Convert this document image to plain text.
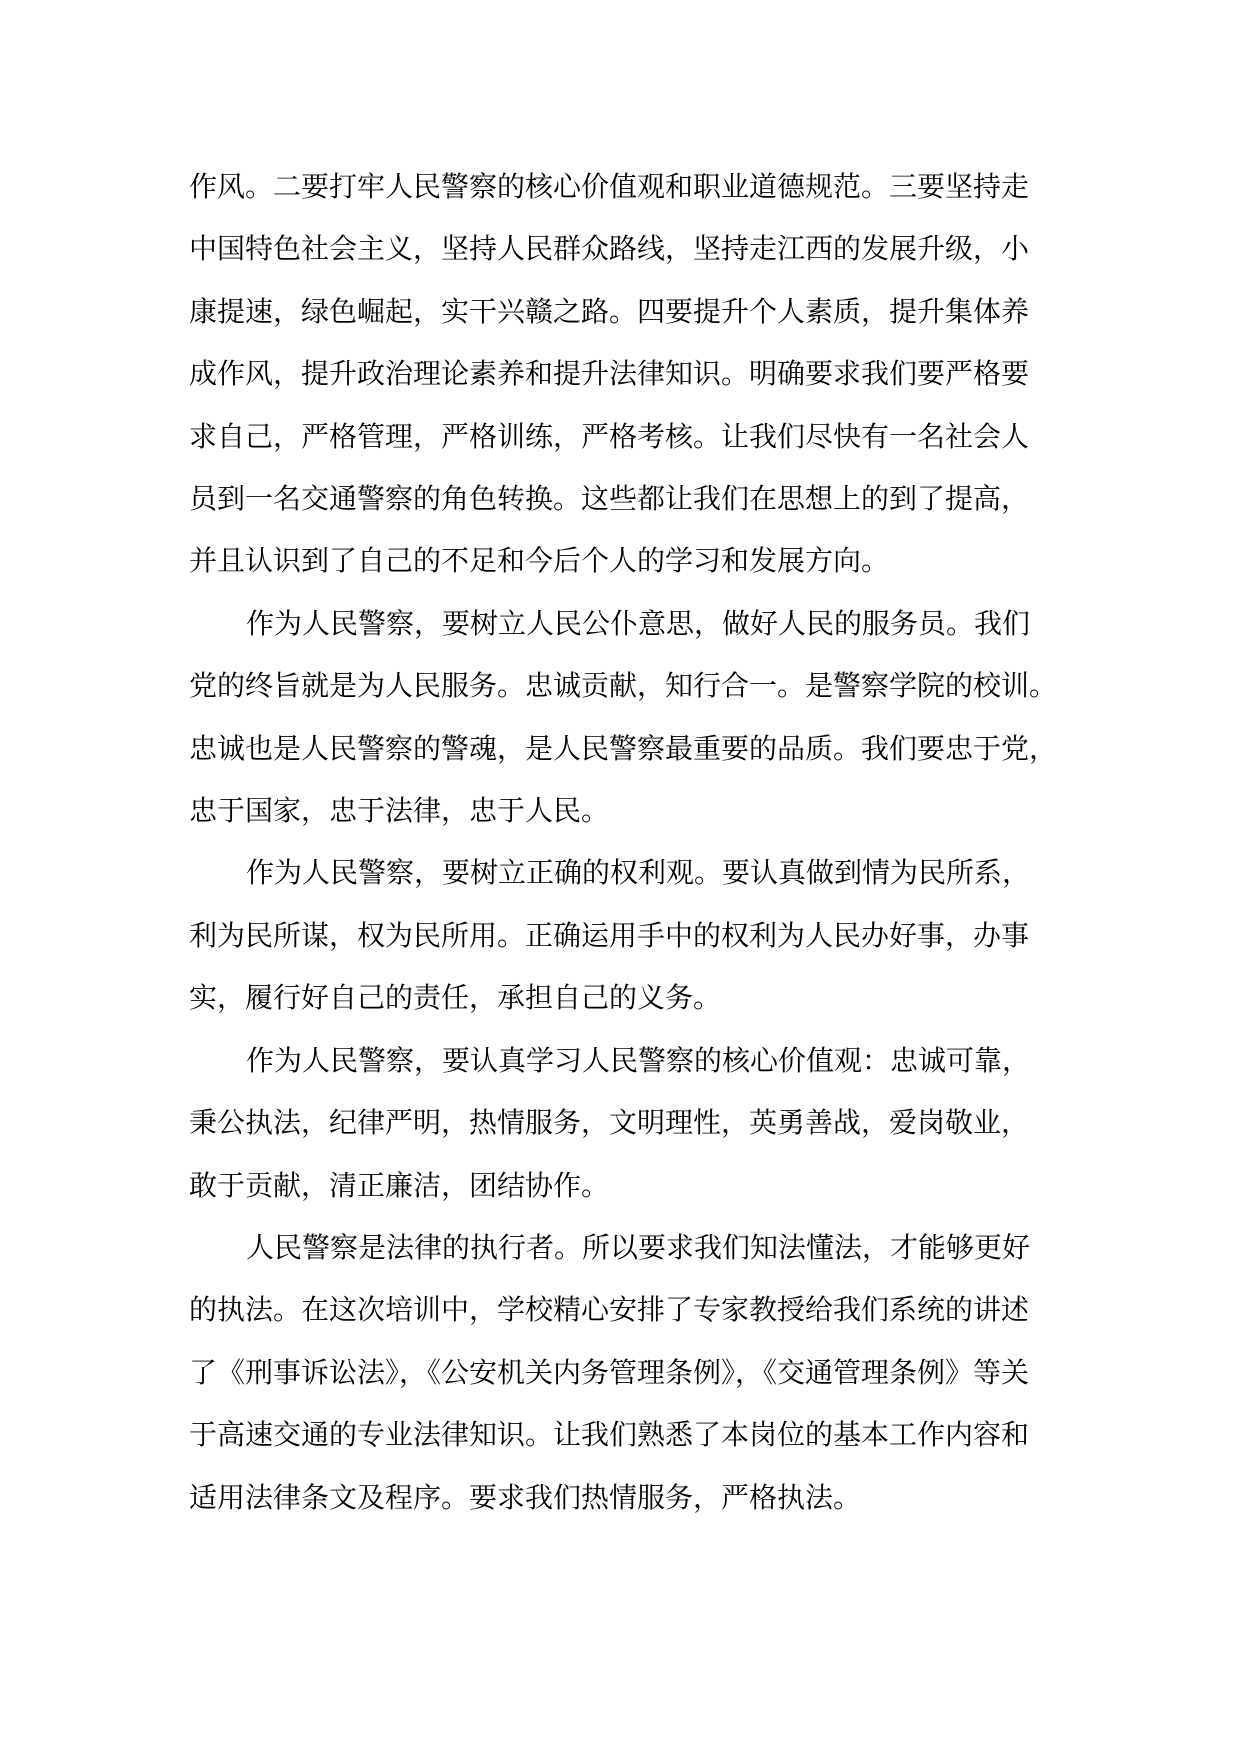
作风。二要打牢人民警察的核心价值观和职业道德规范。三要坚持走
中国特色社会主义，坚持人民群众路线，坚持走江西的发展升级，小
康提速，绿色崛起，实干兴赣之路。四要提升个人素质，提升集体养
成作风，提升政治理论素养和提升法律知识。明确要求我们要严格要
求自己，严格管理，严格训练，严格考核。让我们尽快有一名社会人
员到一名交通警察的角色转换。这些都让我们在思想上的到了提高，
并且认识到了自己的不足和今后个人的学习和发展方向。

作为人民警察，要树立人民公仆意思，做好人民的服务员。我们
党的终旨就是为人民服务。忠诚贡献，知行合一。是警察学院的校训。
忠诚也是人民警察的警魂，是人民警察最重要的品质。我们要忠于党，
忠于国家，忠于法律，忠于人民。

作为人民警察，要树立正确的权利观。要认真做到情为民所系，
利为民所谋，权为民所用。正确运用手中的权利为人民办好事，办事
实，履行好自己的责任，承担自己的义务。

作为人民警察，要认真学习人民警察的核心价值观：忠诚可靠，
秉公执法，纪律严明，热情服务，文明理性，英勇善战，爱岗敬业，
敢于贡献，清正廉洁，团结协作。

人民警察是法律的执行者。所以要求我们知法懂法，才能够更好
的执法。在这次培训中，学校精心安排了专家教授给我们系统的讲述
了《刑事诉讼法》，《公安机关内务管理条例》，《交通管理条例》等关
于高速交通的专业法律知识。让我们熟悉了本岗位的基本工作内容和
适用法律条文及程序。要求我们热情服务，严格执法。
